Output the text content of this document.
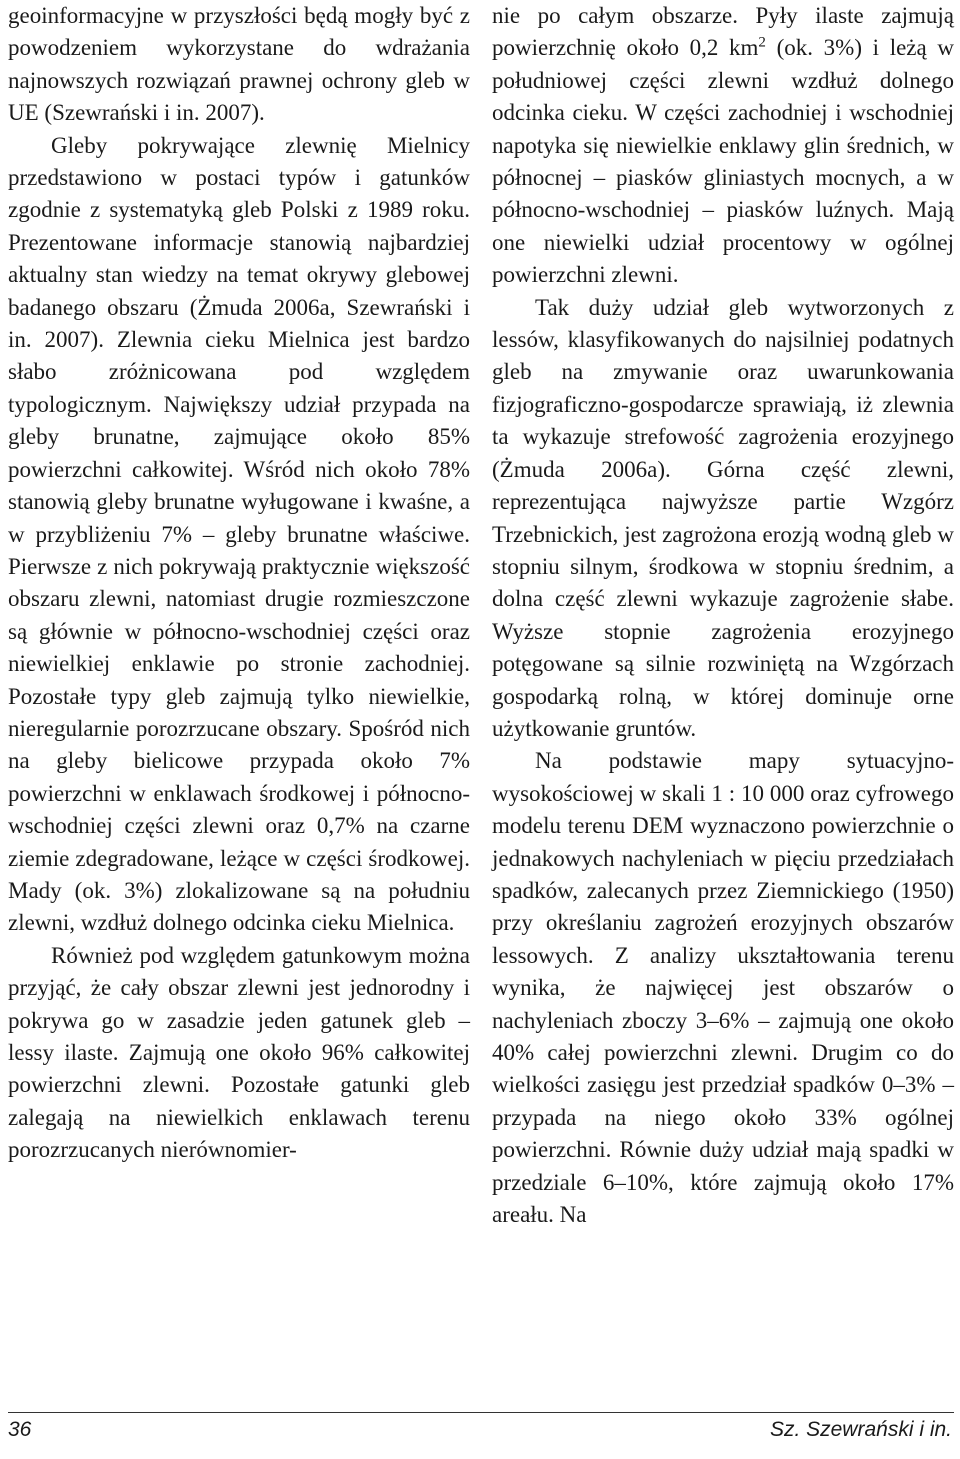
geoinformacyjne w przyszłości będą mogły być z powodzeniem wykorzystane do wdrażania najnowszych rozwiązań prawnej ochrony gleb w UE (Szewrański i in. 2007).

Gleby pokrywające zlewnię Mielnicy przedstawiono w postaci typów i gatunków zgodnie z systematyką gleb Polski z 1989 roku. Prezentowane informacje stanowią najbardziej aktualny stan wiedzy na temat okrywy glebowej badanego obszaru (Żmuda 2006a, Szewrański i in. 2007). Zlewnia cieku Mielnica jest bardzo słabo zróżnicowana pod względem typologicznym. Największy udział przypada na gleby brunatne, zajmujące około 85% powierzchni całkowitej. Wśród nich około 78% stanowią gleby brunatne wyługowane i kwaśne, a w przybliżeniu 7% – gleby brunatne właściwe. Pierwsze z nich pokrywają praktycznie większość obszaru zlewni, natomiast drugie rozmieszczone są głównie w północno-wschodniej części oraz niewielkiej enklawie po stronie zachodniej. Pozostałe typy gleb zajmują tylko niewielkie, nieregularnie porozrzucane obszary. Spośród nich na gleby bielicowe przypada około 7% powierzchni w enklawach środkowej i północno-wschodniej części zlewni oraz 0,7% na czarne ziemie zdegradowane, leżące w części środkowej. Mady (ok. 3%) zlokalizowane są na południu zlewni, wzdłuż dolnego odcinka cieku Mielnica.

Również pod względem gatunkowym można przyjąć, że cały obszar zlewni jest jednorodny i pokrywa go w zasadzie jeden gatunek gleb – lessy ilaste. Zajmują one około 96% całkowitej powierzchni zlewni. Pozostałe gatunki gleb zalegają na niewielkich enklawach terenu porozrzucanych nierównomier-

nie po całym obszarze. Pyły ilaste zajmują powierzchnię około 0,2 $km^2$ (ok. 3%) i leżą w południowej części zlewni wzdłuż dolnego odcinka cieku. W części zachodniej i wschodniej napotyka się niewielkie enklawy glin średnich, w północnej – piasków gliniastych mocnych, a w północno-wschodniej – piasków luźnych. Mają one niewielki udział procentowy w ogólnej powierzchni zlewni.

Tak duży udział gleb wytworzonych z lessów, klasyfikowanych do najsilniej podatnych gleb na zmywanie oraz uwarunkowania fizjograficzno-gospodarcze sprawiają, iż zlewnia ta wykazuje strefowość zagrożenia erozyjnego (Żmuda 2006a). Górna część zlewni, reprezentująca najwyższe partie Wzgórz Trzebnickich, jest zagrożona erozją wodną gleb w stopniu silnym, środkowa w stopniu średnim, a dolna część zlewni wykazuje zagrożenie słabe. Wyższe stopnie zagrożenia erozyjnego potęgowane są silnie rozwiniętą na Wzgórzach gospodarką rolną, w której dominuje orne użytkowanie gruntów.

Na podstawie mapy sytuacyjno-wysokościowej w skali 1 : 10 000 oraz cyfrowego modelu terenu DEM wyznaczono powierzchnie o jednakowych nachyleniach w pięciu przedziałach spadków, zalecanych przez Ziemnickiego (1950) przy określaniu zagrożeń erozyjnych obszarów lessowych. Z analizy ukształtowania terenu wynika, że najwięcej jest obszarów o nachyleniach zboczy 3–6% – zajmują one około 40% całej powierzchni zlewni. Drugim co do wielkości zasięgu jest przedział spadków 0–3% – przypada na niego około 33% ogólnej powierzchni. Równie duży udział mają spadki w przedziale 6–10%, które zajmują około 17% areału. Na

36	Sz. Szewrański i in.
